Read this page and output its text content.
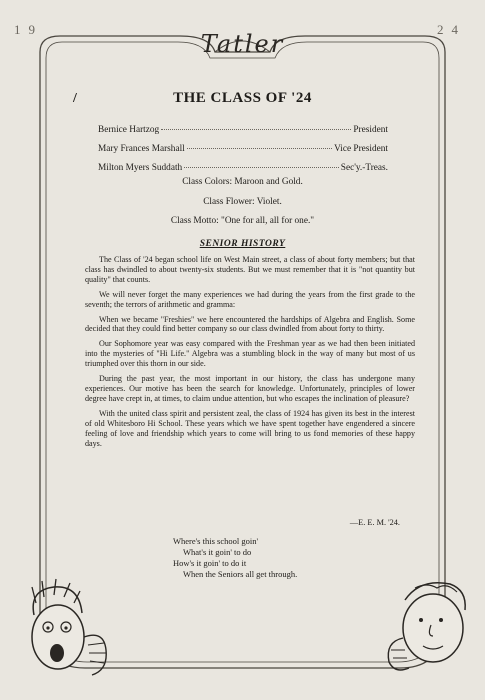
19	24
Tatler
/	THE CLASS OF '24
Bernice Hartzog	President
Mary Frances Marshall	Vice President
Milton Myers Suddath	Sec'y.-Treas.

Class Colors: Maroon and Gold.

Class Flower: Violet.

Class Motto: "One for all, all for one."

SENIOR HISTORY

The Class of '24 began school life on West Main street, a class of about forty members; but that class has dwindled to about twenty-six students. But we must remember that it is "not quantity but quality" that counts.

We will never forget the many experiences we had during the years from the first grade to the seventh; the terrors of arithmetic and gramma:

When we became "Freshies" we here encountered the hardships of Algebra and English. Some decided that they could find better company so our class dwindled from about forty to thirty.

Our Sophomore year was easy compared with the Freshman year as we had then been initiated into the mysteries of "Hi Life." Algebra was a stumbling block in the way of many but most of us triumphed over this thorn in our side.

During the past year, the most important in our history, the class has undergone many experiences. Our motive has been the search for knowledge. Unfortunately, principles of lower degree have crept in, at times, to claim undue attention, but who escapes the inclination of pleasure?

With the united class spirit and persistent zeal, the class of 1924 has given its best in the interest of old Whitesboro Hi School. These years which we have spent together have engendered a sincere feeling of love and friendship which years to come will bring to us fond memories of these happy days.

—E. E. M. '24.
Where's this school goin'
What's it goin' to do
How's it goin' to do it
When the Seniors all get through.
